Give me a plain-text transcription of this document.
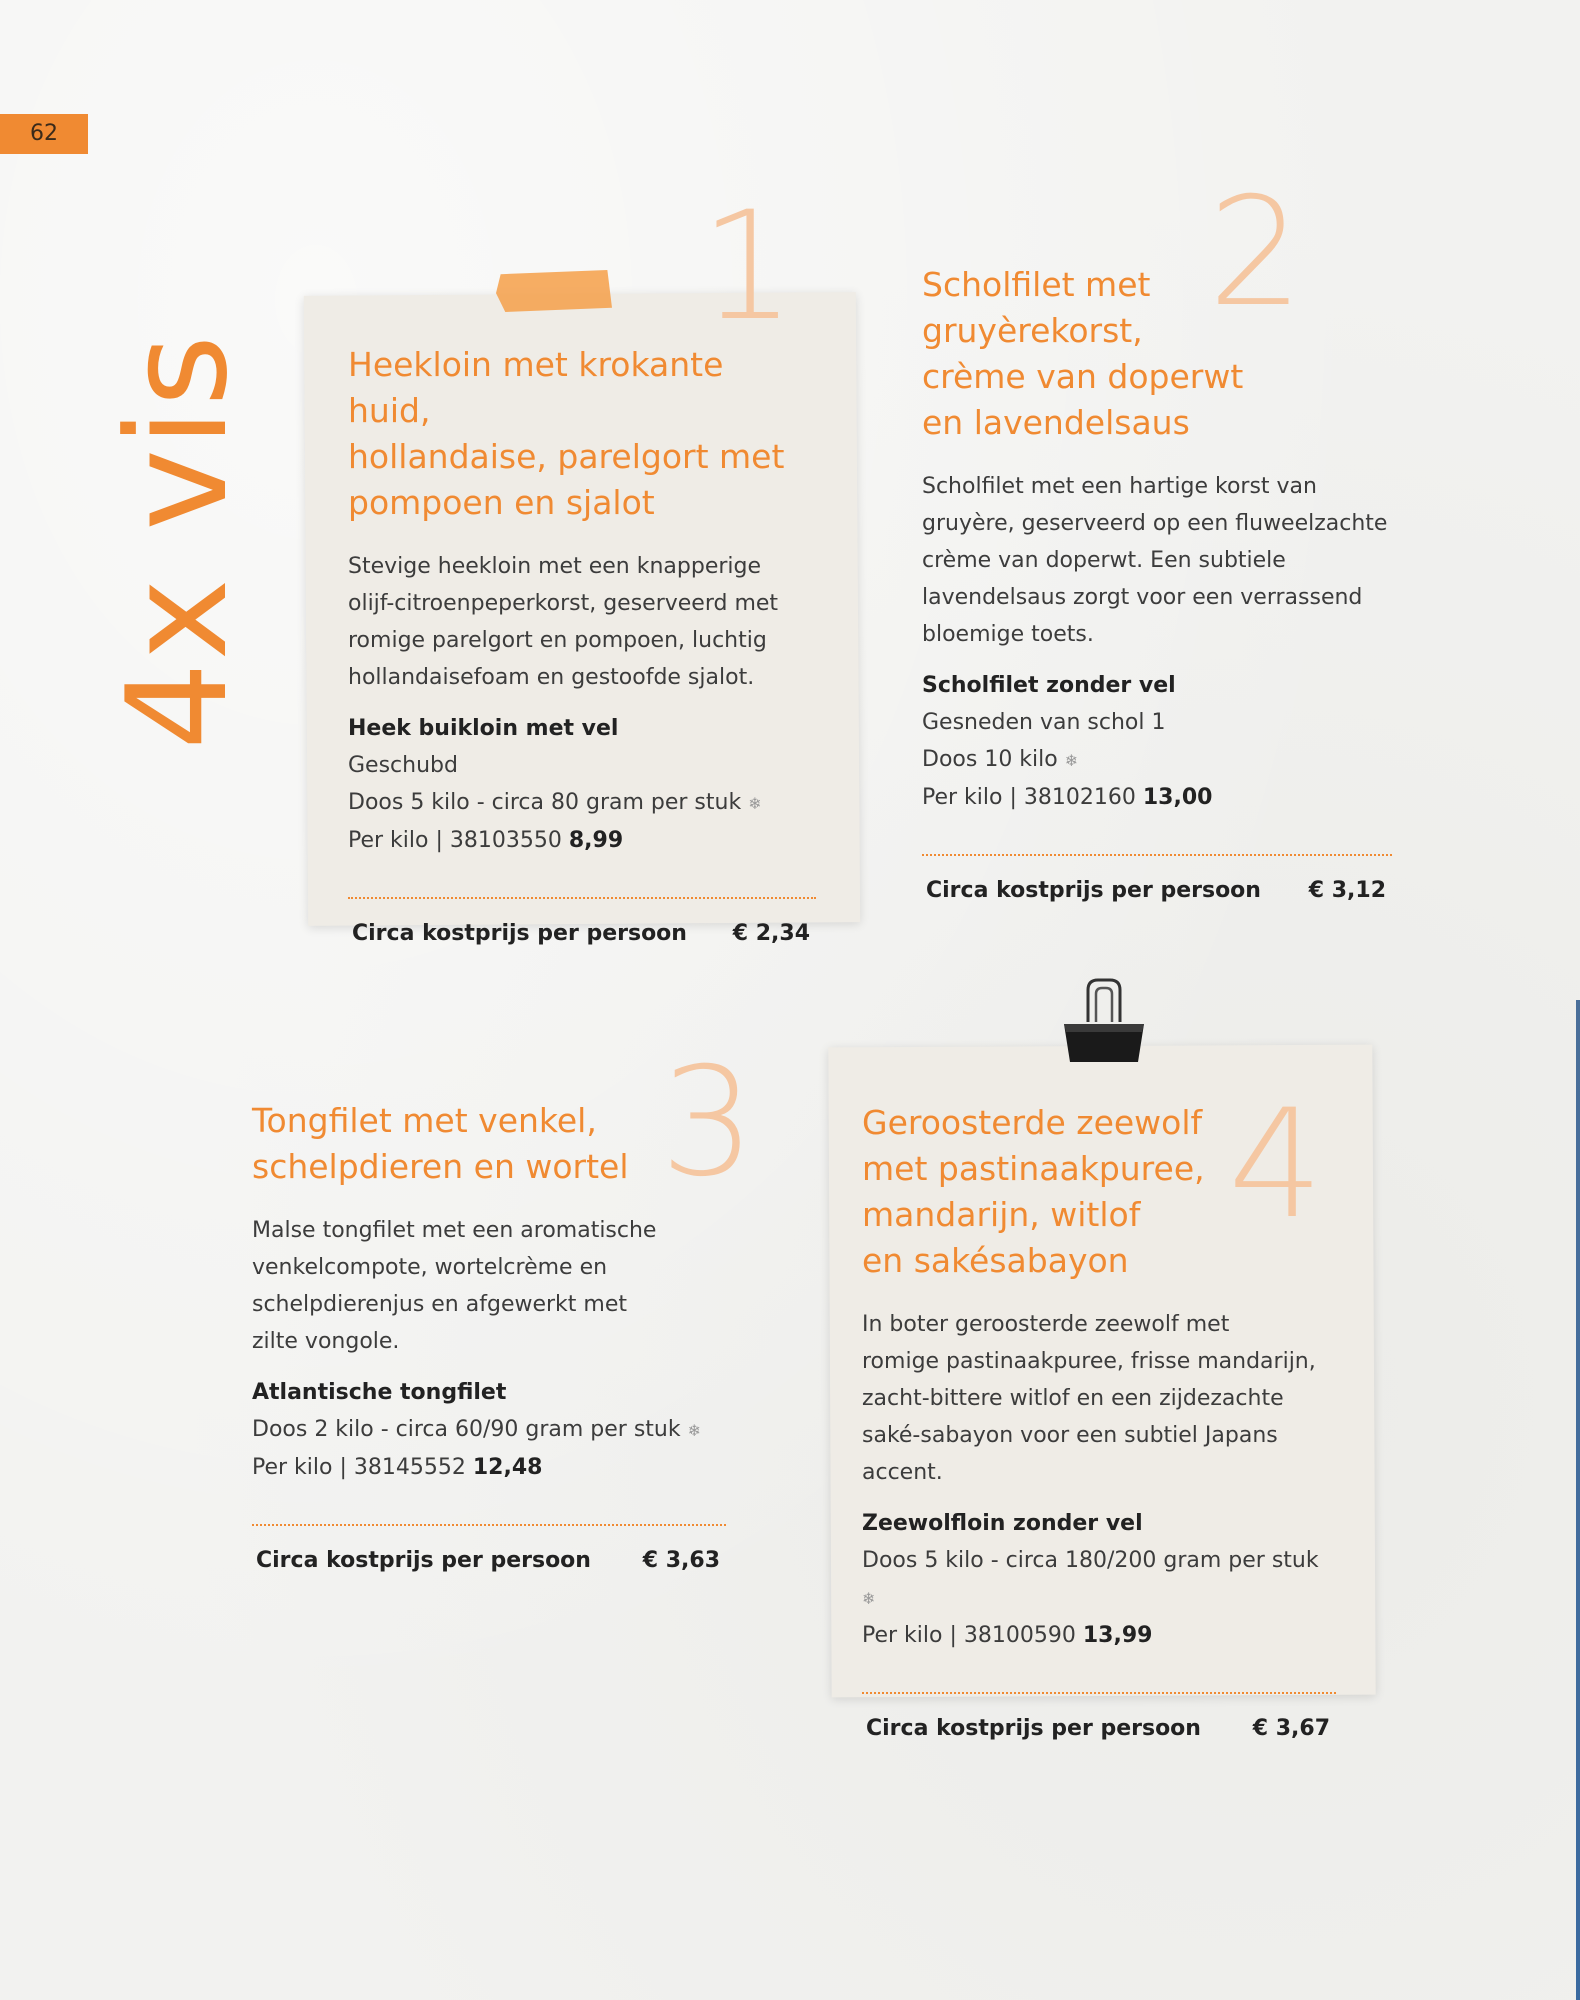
62
4x vis
1	2
3	4
Heekloin met krokante huid,
hollandaise, parelgort met
pompoen en sjalot
Stevige heekloin met een knapperige
olijf-citroenpeperkorst, geserveerd met
romige parelgort en pompoen, luchtig
hollandaisefoam en gestoofde sjalot.
Heek buikloin met vel
Geschubd
Doos 5 kilo - circa 80 gram per stuk ❄
Per kilo | 38103550 8,99
Circa kostprijs per persoon € 2,34
Scholfilet met
gruyèrekorst,
crème van doperwt
en lavendelsaus
Scholfilet met een hartige korst van
gruyère, geserveerd op een fluweelzachte
crème van doperwt. Een subtiele
lavendelsaus zorgt voor een verrassend
bloemige toets.
Scholfilet zonder vel
Gesneden van schol 1
Doos 10 kilo ❄
Per kilo | 38102160 13,00
Circa kostprijs per persoon € 3,12
Tongfilet met venkel,
schelpdieren en wortel
Malse tongfilet met een aromatische
venkelcompote, wortelcrème en
schelpdierenjus en afgewerkt met
zilte vongole.
Atlantische tongfilet
Doos 2 kilo - circa 60/90 gram per stuk ❄
Per kilo | 38145552 12,48
Circa kostprijs per persoon € 3,63
Geroosterde zeewolf
met pastinaakpuree,
mandarijn, witlof
en sakésabayon
In boter geroosterde zeewolf met
romige pastinaakpuree, frisse mandarijn,
zacht-bittere witlof en een zijdezachte
saké-sabayon voor een subtiel Japans
accent.
Zeewolfloin zonder vel
Doos 5 kilo - circa 180/200 gram per stuk ❄
Per kilo | 38100590 13,99
Circa kostprijs per persoon € 3,67
